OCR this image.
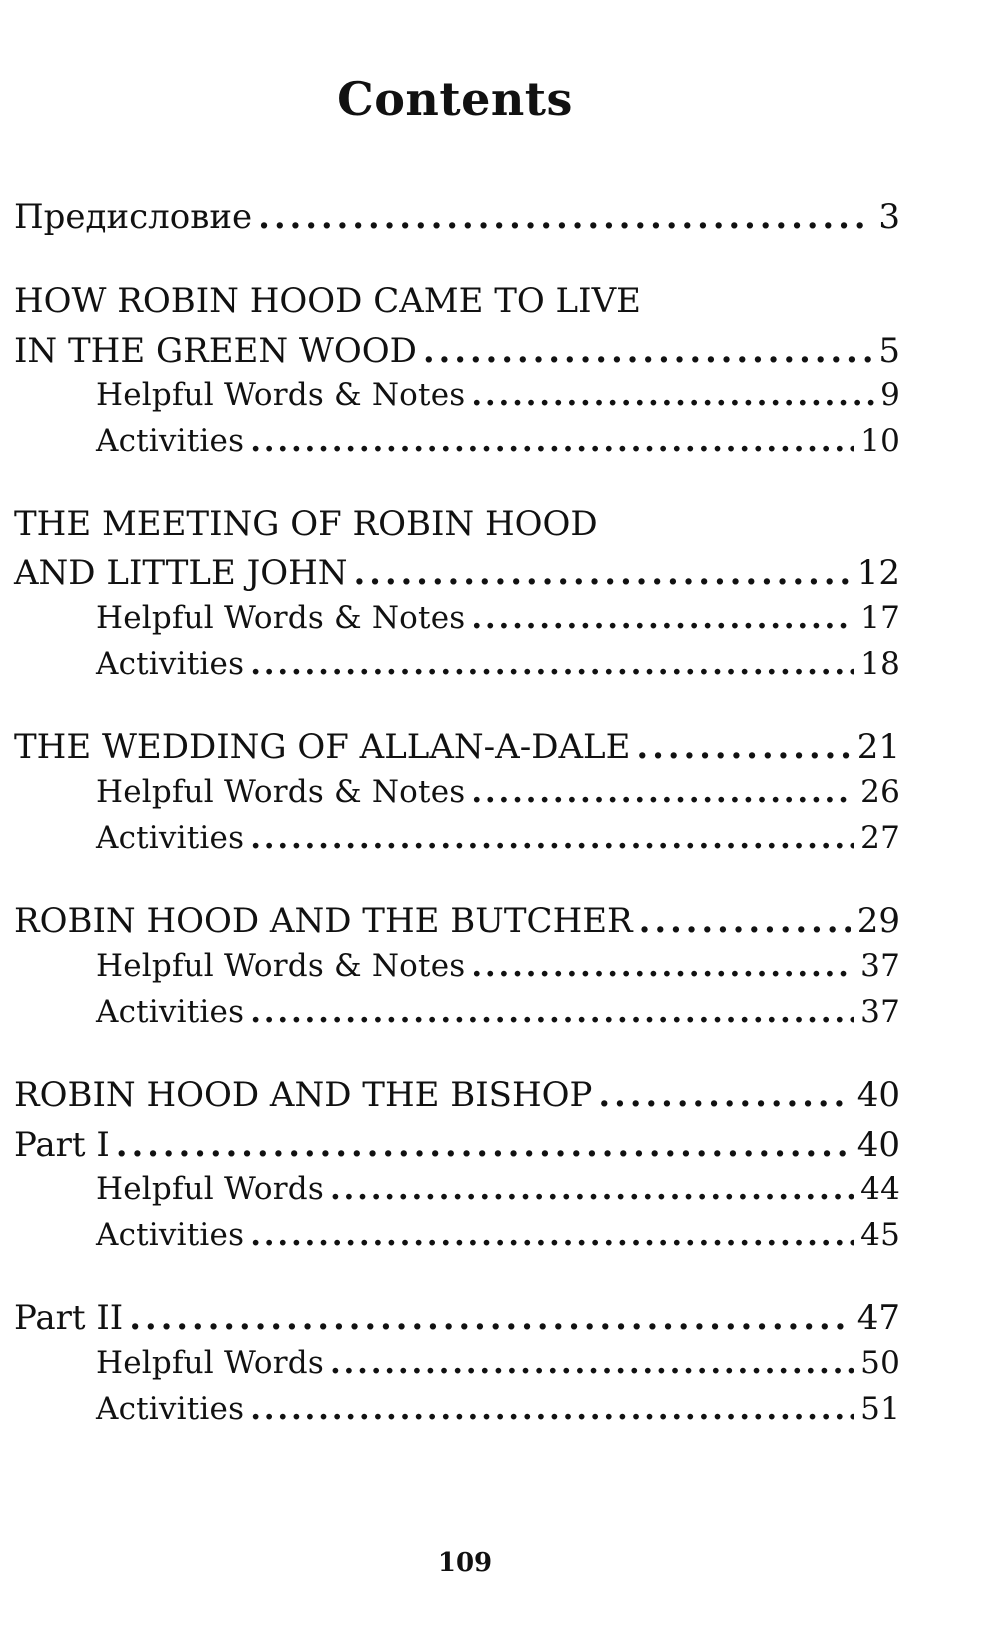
Contents
Предисловие . . .	3
HOW ROBIN HOOD CAME TO LIVE
IN THE GREEN WOOD . . .	5
Helpful Words & Notes . . .	9
Activities . . .	10
THE MEETING OF ROBIN HOOD
AND LITTLE JOHN . . .	12
Helpful Words & Notes . . .	17
Activities . . .	18
THE WEDDING OF ALLAN-A-DALE . . .	21
Helpful Words & Notes . . .	26
Activities . . .	27
ROBIN HOOD AND THE BUTCHER . . .	29
Helpful Words & Notes . . .	37
Activities . . .	37
ROBIN HOOD AND THE BISHOP . . .	40
Part I . . .	40
Helpful Words . . .	44
Activities . . .	45
Part II . . .	47
Helpful Words . . .	50
Activities . . .	51
109
